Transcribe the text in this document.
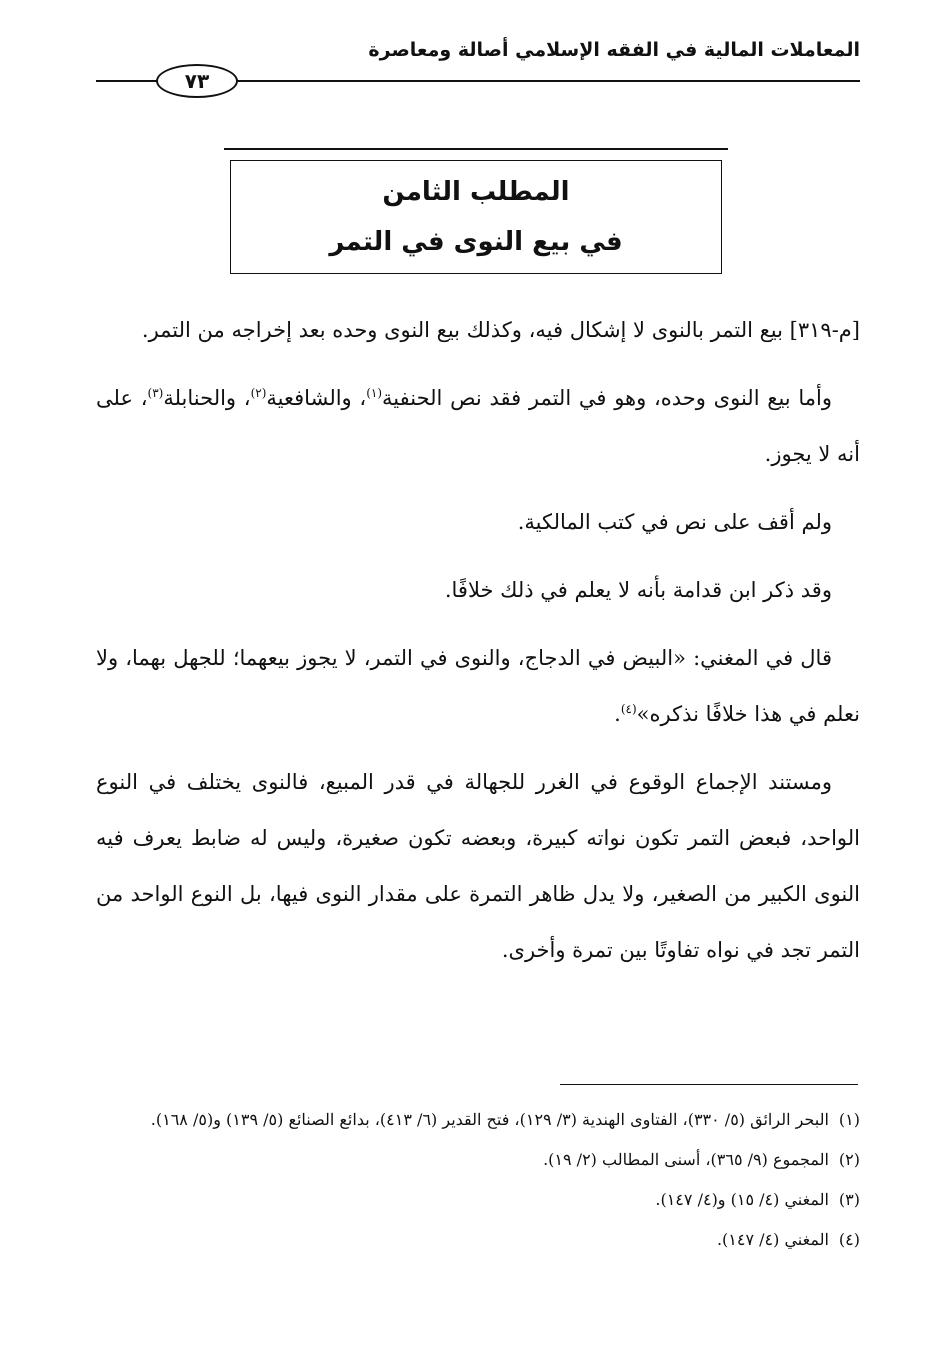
المعاملات المالية في الفقه الإسلامي أصالة ومعاصرة
٧٣
المطلب الثامن
في بيع النوى في التمر

[م-٣١٩] بيع التمر بالنوى لا إشكال فيه، وكذلك بيع النوى وحده بعد إخراجه من التمر.

وأما بيع النوى وحده، وهو في التمر فقد نص الحنفية$^{(١)}$، والشافعية$^{(٢)}$، والحنابلة$^{(٣)}$، على أنه لا يجوز.

ولم أقف على نص في كتب المالكية.

وقد ذكر ابن قدامة بأنه لا يعلم في ذلك خلافًا.

قال في المغني: «البيض في الدجاج، والنوى في التمر، لا يجوز بيعهما؛ للجهل بهما، ولا نعلم في هذا خلافًا نذكره»$^{(٤)}$.

ومستند الإجماع الوقوع في الغرر للجهالة في قدر المبيع، فالنوى يختلف في النوع الواحد، فبعض التمر تكون نواته كبيرة، وبعضه تكون صغيرة، وليس له ضابط يعرف فيه النوى الكبير من الصغير، ولا يدل ظاهر التمرة على مقدار النوى فيها، بل النوع الواحد من التمر تجد في نواه تفاوتًا بين تمرة وأخرى.

(١)
البحر الرائق (٥/ ٣٣٠)، الفتاوى الهندية (٣/ ١٢٩)، فتح القدير (٦/ ٤١٣)، بدائع الصنائع (٥/ ١٣٩) و(٥/ ١٦٨).
(٢)
المجموع (٩/ ٣٦٥)، أسنى المطالب (٢/ ١٩).
(٣)
المغني (٤/ ١٥) و(٤/ ١٤٧).
(٤)
المغني (٤/ ١٤٧).
